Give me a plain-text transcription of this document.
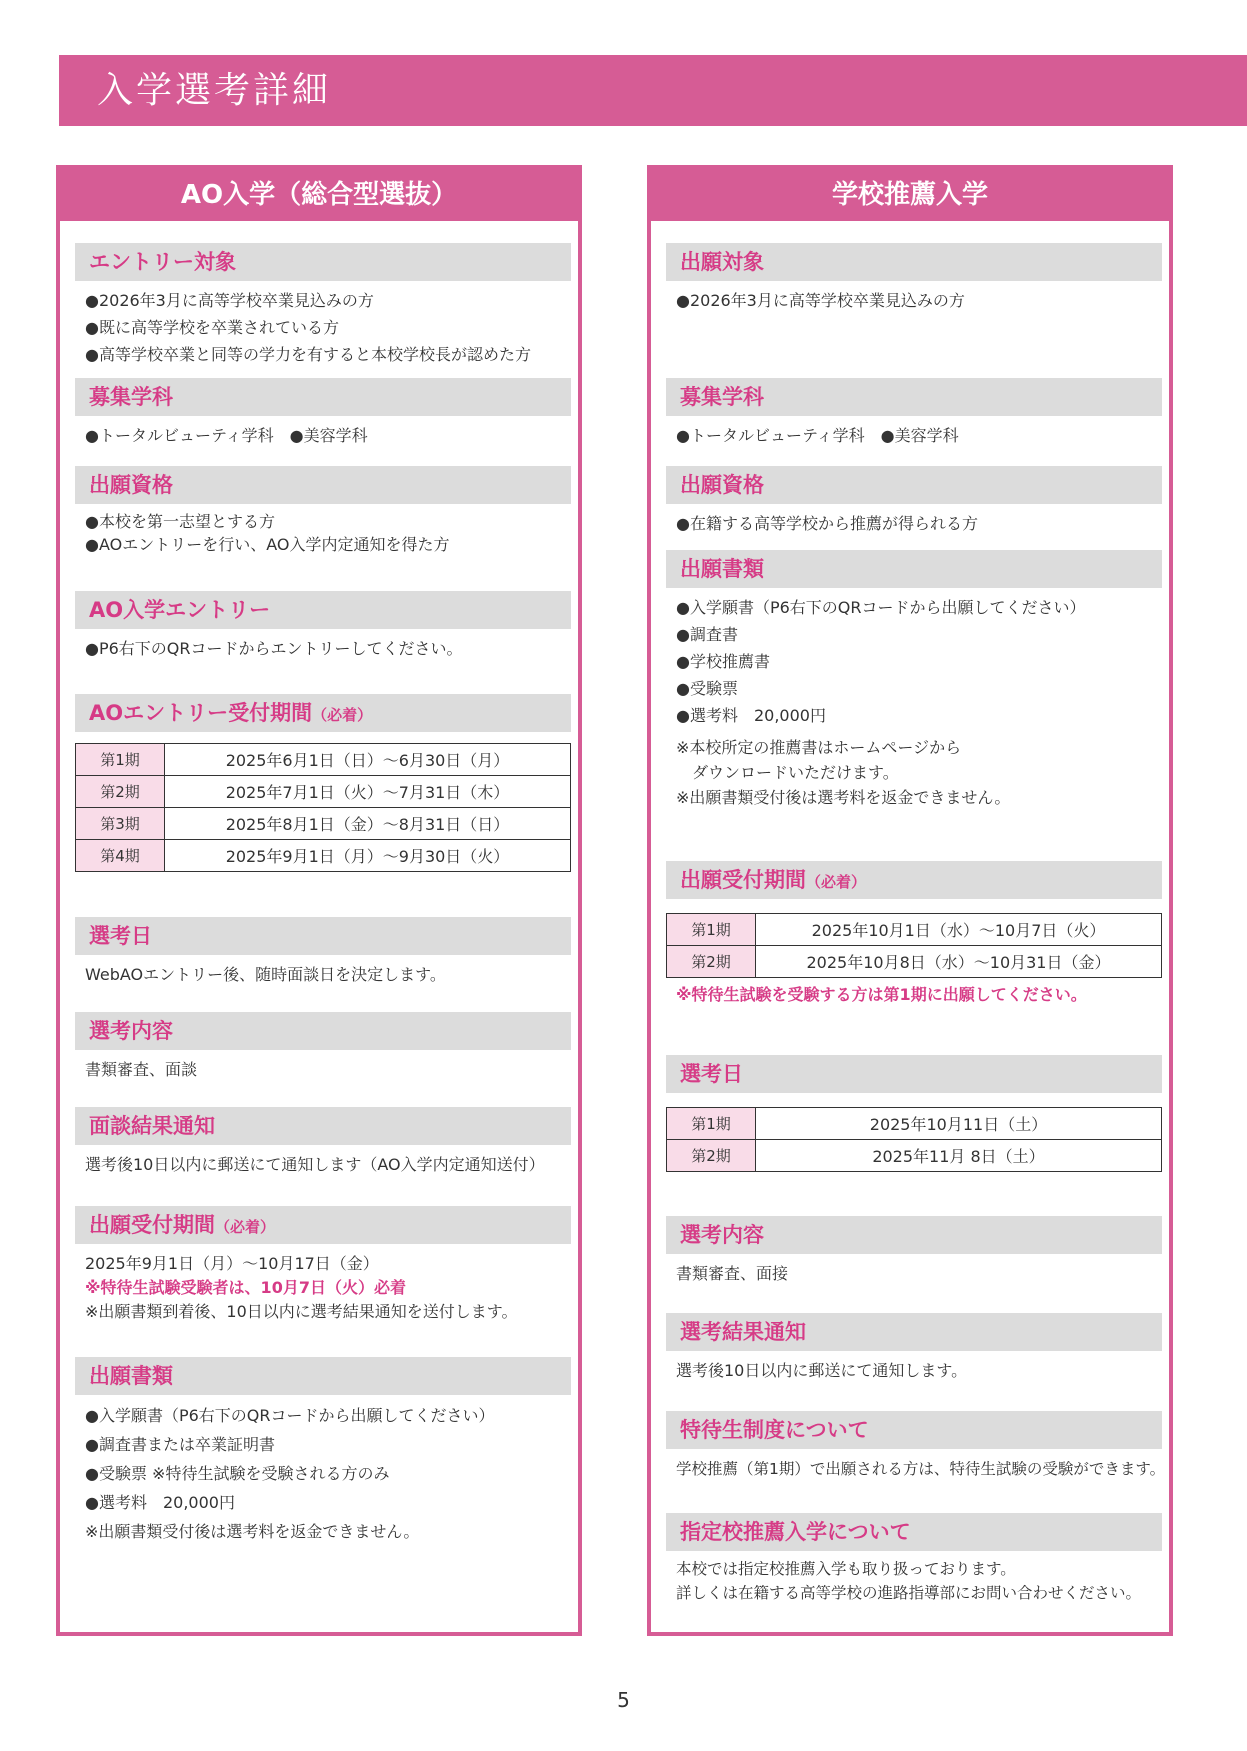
入学選考詳細
AO入学（総合型選抜）
エントリー対象

●2026年3月に高等学校卒業見込みの方

●既に高等学校を卒業されている方

●高等学校卒業と同等の学力を有すると本校学校長が認めた方

募集学科
●トータルビューティ学科　●美容学科
出願資格

●本校を第一志望とする方

●AOエントリーを行い、AO入学内定通知を得た方

AO入学エントリー
●P6右下のQRコードからエントリーしてください。
AOエントリー受付期間（必着）
第1期	2025年6月1日（日）～6月30日（月）
第2期	2025年7月1日（火）～7月31日（木）
第3期	2025年8月1日（金）～8月31日（日）
第4期	2025年9月1日（月）～9月30日（火）
選考日
WebAOエントリー後、随時面談日を決定します。
選考内容
書類審査、面談
面談結果通知
選考後10日以内に郵送にて通知します（AO入学内定通知送付）
出願受付期間（必着）

2025年9月1日（月）～10月17日（金）

※特待生試験受験者は、10月7日（火）必着

※出願書類到着後、10日以内に選考結果通知を送付します。

出願書類

●入学願書（P6右下のQRコードから出願してください）

●調査書または卒業証明書

●受験票 ※特待生試験を受験される方のみ

●選考料　20,000円

※出願書類受付後は選考料を返金できません。

学校推薦入学
出願対象
●2026年3月に高等学校卒業見込みの方
募集学科
●トータルビューティ学科　●美容学科
出願資格
●在籍する高等学校から推薦が得られる方
出願書類

●入学願書（P6右下のQRコードから出願してください）

●調査書

●学校推薦書

●受験票

●選考料　20,000円

※本校所定の推薦書はホームページから

　ダウンロードいただけます。

※出願書類受付後は選考料を返金できません。

出願受付期間（必着）
第1期	2025年10月1日（水）～10月7日（火）
第2期	2025年10月8日（水）～10月31日（金）
※特待生試験を受験する方は第1期に出願してください。
選考日
第1期	2025年10月11日（土）
第2期	2025年11月 8日（土）
選考内容
書類審査、面接
選考結果通知
選考後10日以内に郵送にて通知します。
特待生制度について
学校推薦（第1期）で出願される方は、特待生試験の受験ができます。
指定校推薦入学について

本校では指定校推薦入学も取り扱っております。

詳しくは在籍する高等学校の進路指導部にお問い合わせください。

5
